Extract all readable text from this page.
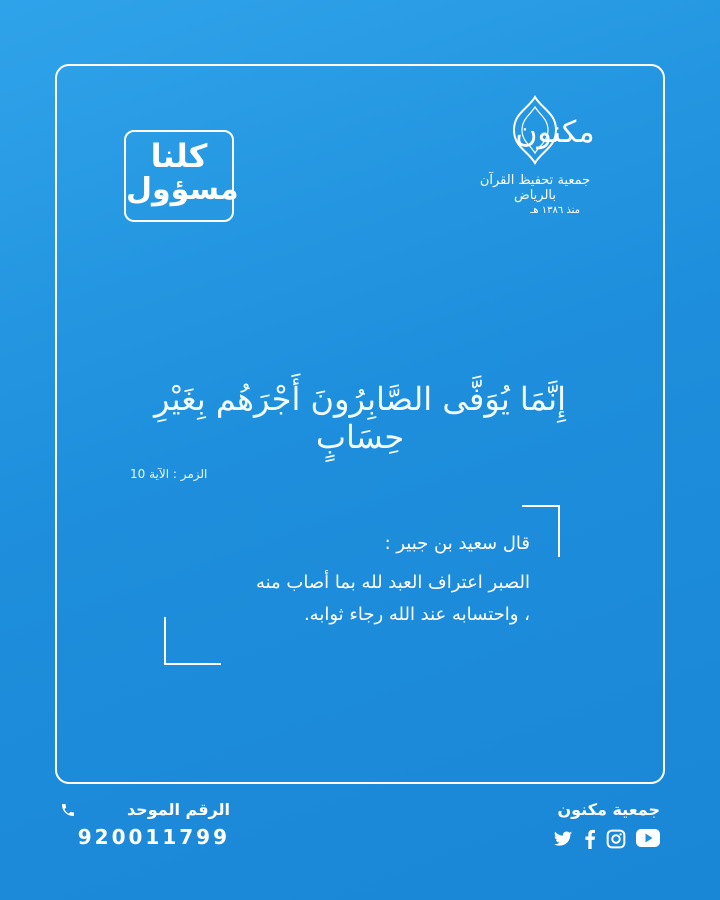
كلنا
مسؤول
مكنون
جمعية تحفيظ القرآن بالرياض
منذ ١٣٨٦ هـ
إِنَّمَا يُوَفَّى الصَّابِرُونَ أَجْرَهُم بِغَيْرِ حِسَابٍ
الزمر : الآية 10
قال سعيد بن جبير :
الصبر اعتراف العبد لله بما أصاب منه
، واحتسابه عند الله رجاء ثوابه.
الرقم الموحد
920011799
جمعية مكنون
